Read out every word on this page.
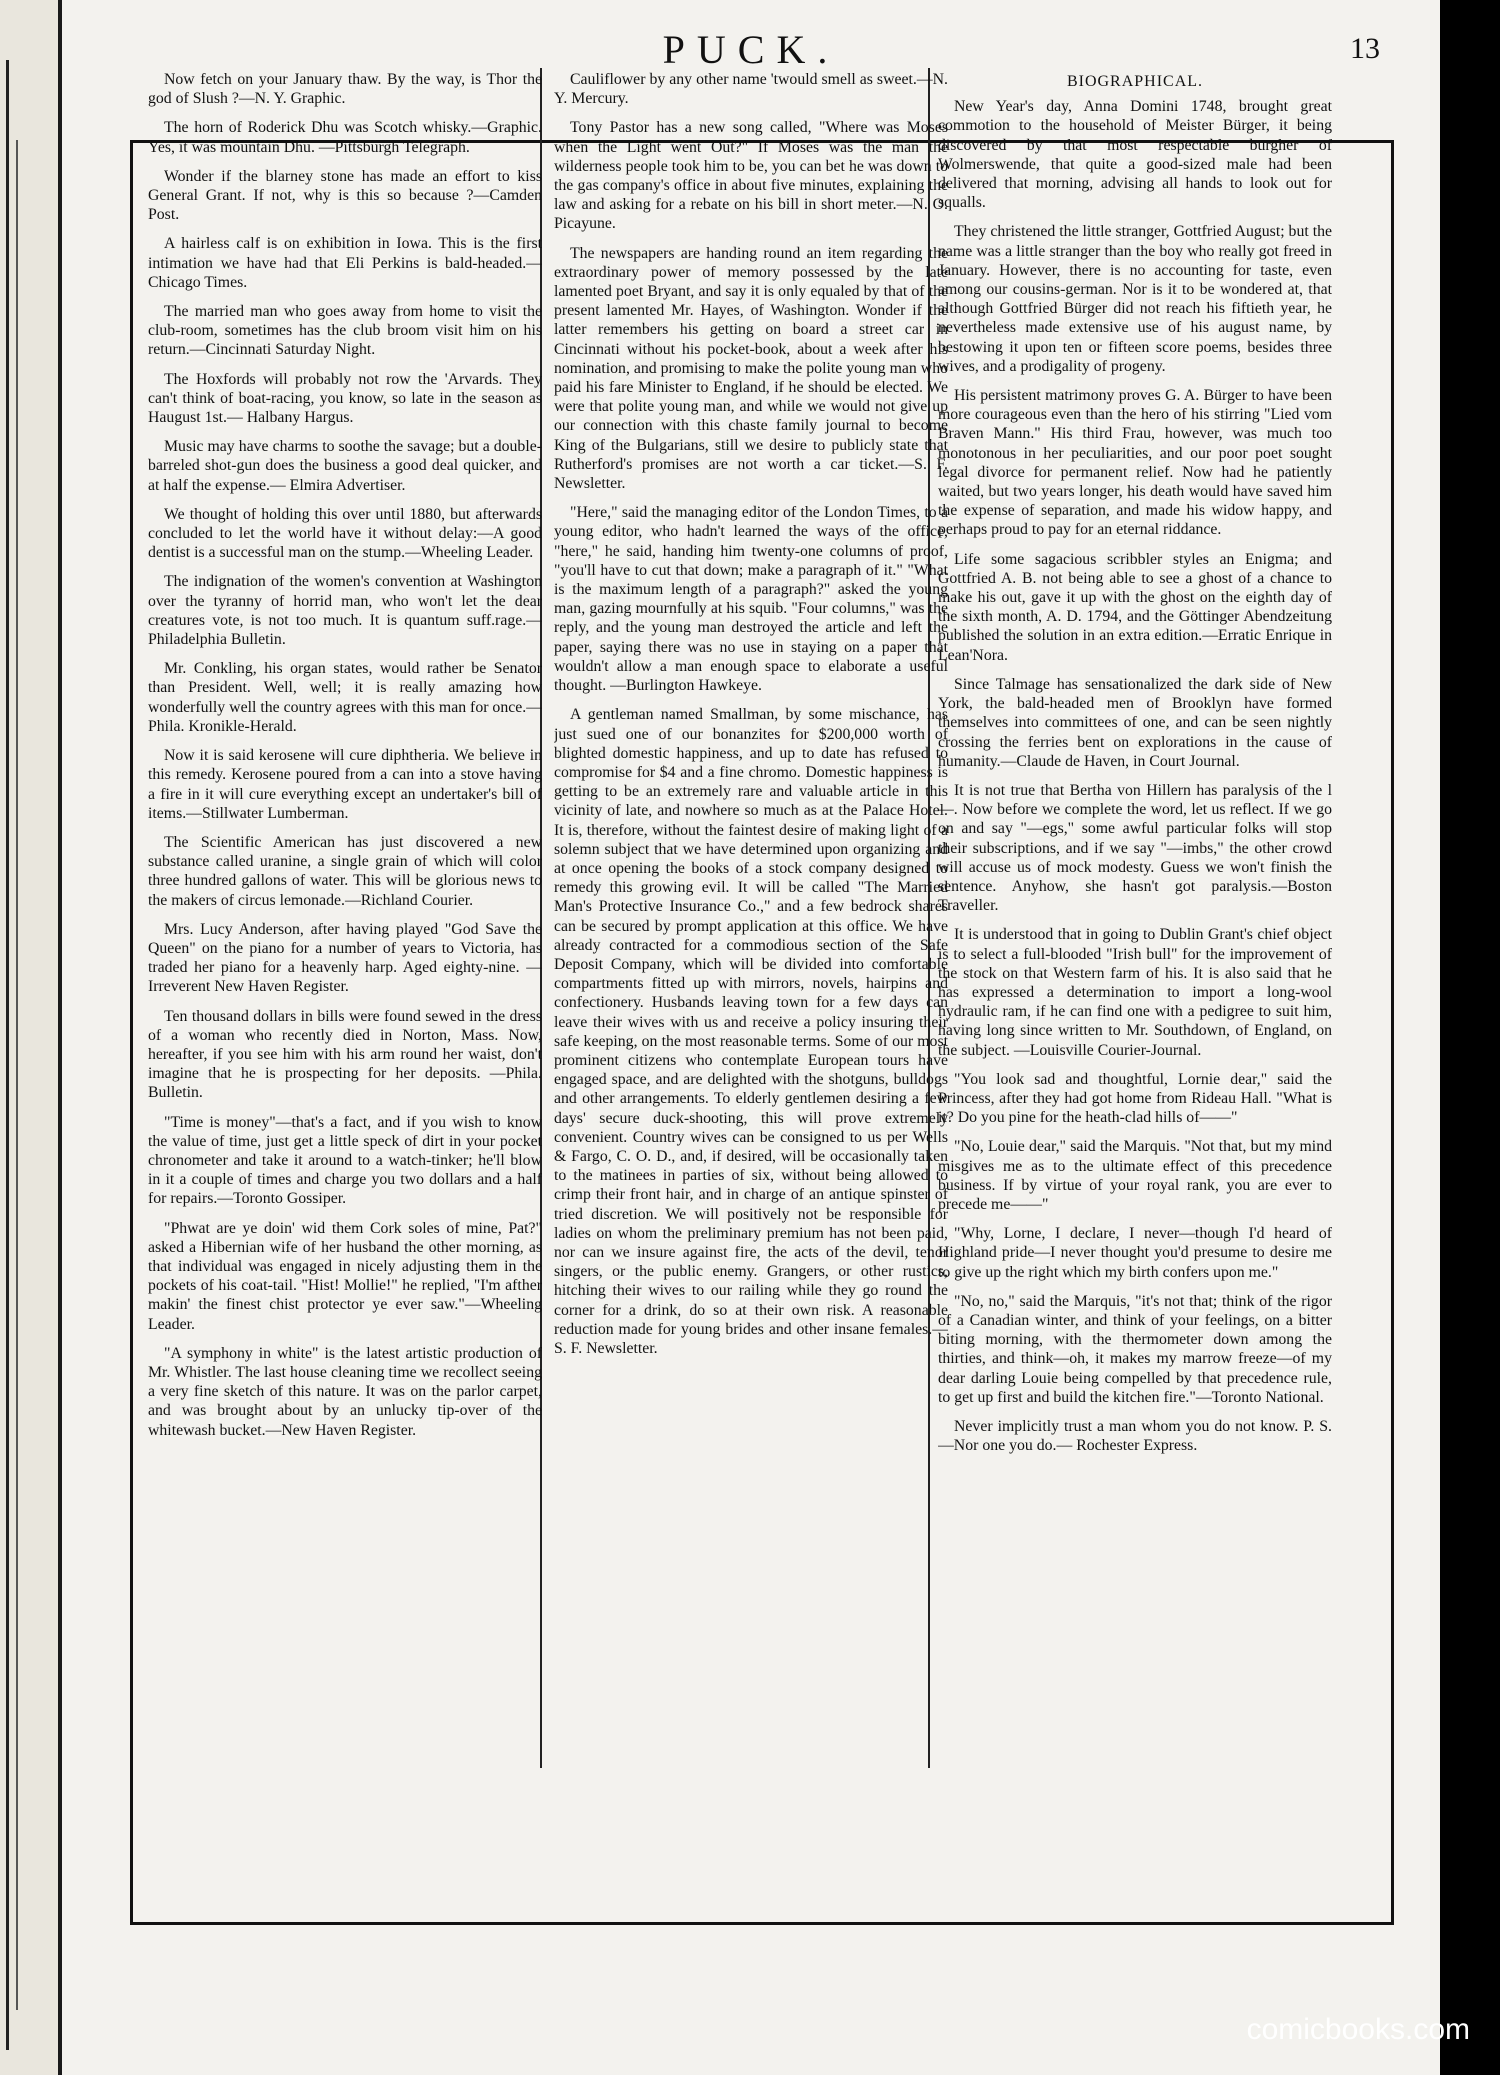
PUCK.	13

Now fetch on your January thaw. By the way, is Thor the god of Slush ?—N. Y. Graphic.

The horn of Roderick Dhu was Scotch whisky.—Graphic. Yes, it was mountain Dhu. —Pittsburgh Telegraph.

Wonder if the blarney stone has made an effort to kiss General Grant. If not, why is this so because ?—Camden Post.

A hairless calf is on exhibition in Iowa. This is the first intimation we have had that Eli Perkins is bald-headed.—Chicago Times.

The married man who goes away from home to visit the club-room, sometimes has the club broom visit him on his return.—Cincinnati Saturday Night.

The Hoxfords will probably not row the 'Arvards. They can't think of boat-racing, you know, so late in the season as Haugust 1st.— Halbany Hargus.

Music may have charms to soothe the savage; but a double-barreled shot-gun does the business a good deal quicker, and at half the expense.— Elmira Advertiser.

We thought of holding this over until 1880, but afterwards concluded to let the world have it without delay:—A good dentist is a successful man on the stump.—Wheeling Leader.

The indignation of the women's convention at Washington over the tyranny of horrid man, who won't let the dear creatures vote, is not too much. It is quantum suff.rage.—Philadelphia Bulletin.

Mr. Conkling, his organ states, would rather be Senator than President. Well, well; it is really amazing how wonderfully well the country agrees with this man for once.—Phila. Kronikle-Herald.

Now it is said kerosene will cure diphtheria. We believe in this remedy. Kerosene poured from a can into a stove having a fire in it will cure everything except an undertaker's bill of items.—Stillwater Lumberman.

The Scientific American has just discovered a new substance called uranine, a single grain of which will color three hundred gallons of water. This will be glorious news to the makers of circus lemonade.—Richland Courier.

Mrs. Lucy Anderson, after having played "God Save the Queen" on the piano for a number of years to Victoria, has traded her piano for a heavenly harp. Aged eighty-nine. —Irreverent New Haven Register.

Ten thousand dollars in bills were found sewed in the dress of a woman who recently died in Norton, Mass. Now, hereafter, if you see him with his arm round her waist, don't imagine that he is prospecting for her deposits. —Phila. Bulletin.

"Time is money"—that's a fact, and if you wish to know the value of time, just get a little speck of dirt in your pocket chronometer and take it around to a watch-tinker; he'll blow in it a couple of times and charge you two dollars and a half for repairs.—Toronto Gossiper.

"Phwat are ye doin' wid them Cork soles of mine, Pat?" asked a Hibernian wife of her husband the other morning, as that individual was engaged in nicely adjusting them in the pockets of his coat-tail. "Hist! Mollie!" he replied, "I'm afther makin' the finest chist protector ye ever saw."—Wheeling Leader.

"A symphony in white" is the latest artistic production of Mr. Whistler. The last house cleaning time we recollect seeing a very fine sketch of this nature. It was on the parlor carpet, and was brought about by an unlucky tip-over of the whitewash bucket.—New Haven Register.

Cauliflower by any other name 'twould smell as sweet.—N. Y. Mercury.

Tony Pastor has a new song called, "Where was Moses when the Light went Out?" If Moses was the man the wilderness people took him to be, you can bet he was down to the gas company's office in about five minutes, explaining the law and asking for a rebate on his bill in short meter.—N. O. Picayune.

The newspapers are handing round an item regarding the extraordinary power of memory possessed by the late lamented poet Bryant, and say it is only equaled by that of the present lamented Mr. Hayes, of Washington. Wonder if the latter remembers his getting on board a street car in Cincinnati without his pocket-book, about a week after his nomination, and promising to make the polite young man who paid his fare Minister to England, if he should be elected. We were that polite young man, and while we would not give up our connection with this chaste family journal to become King of the Bulgarians, still we desire to publicly state that Rutherford's promises are not worth a car ticket.—S. F. Newsletter.

"Here," said the managing editor of the London Times, to a young editor, who hadn't learned the ways of the office, "here," he said, handing him twenty-one columns of proof, "you'll have to cut that down; make a paragraph of it." "What is the maximum length of a paragraph?" asked the young man, gazing mournfully at his squib. "Four columns," was the reply, and the young man destroyed the article and left the paper, saying there was no use in staying on a paper that wouldn't allow a man enough space to elaborate a useful thought. —Burlington Hawkeye.

A gentleman named Smallman, by some mischance, has just sued one of our bonanzites for $200,000 worth of blighted domestic happiness, and up to date has refused to compromise for $4 and a fine chromo. Domestic happiness is getting to be an extremely rare and valuable article in this vicinity of late, and nowhere so much as at the Palace Hotel. It is, therefore, without the faintest desire of making light of a solemn subject that we have determined upon organizing and at once opening the books of a stock company designed to remedy this growing evil. It will be called "The Married Man's Protective Insurance Co.," and a few bedrock shares can be secured by prompt application at this office. We have already contracted for a commodious section of the Safe Deposit Company, which will be divided into comfortable compartments fitted up with mirrors, novels, hairpins and confectionery. Husbands leaving town for a few days can leave their wives with us and receive a policy insuring their safe keeping, on the most reasonable terms. Some of our most prominent citizens who contemplate European tours have engaged space, and are delighted with the shotguns, bulldogs and other arrangements. To elderly gentlemen desiring a few days' secure duck-shooting, this will prove extremely convenient. Country wives can be consigned to us per Wells & Fargo, C. O. D., and, if desired, will be occasionally taken to the matinees in parties of six, without being allowed to crimp their front hair, and in charge of an antique spinster of tried discretion. We will positively not be responsible for ladies on whom the preliminary premium has not been paid, nor can we insure against fire, the acts of the devil, tenor singers, or the public enemy. Grangers, or other rustics, hitching their wives to our railing while they go round the corner for a drink, do so at their own risk. A reasonable reduction made for young brides and other insane females.—S. F. Newsletter.

BIOGRAPHICAL.

New Year's day, Anna Domini 1748, brought great commotion to the household of Meister Bürger, it being discovered by that most respectable burgher of Wolmerswende, that quite a good-sized male had been delivered that morning, advising all hands to look out for squalls.

They christened the little stranger, Gottfried August; but the name was a little stranger than the boy who really got freed in January. However, there is no accounting for taste, even among our cousins-german. Nor is it to be wondered at, that although Gottfried Bürger did not reach his fiftieth year, he nevertheless made extensive use of his august name, by bestowing it upon ten or fifteen score poems, besides three wives, and a prodigality of progeny.

His persistent matrimony proves G. A. Bürger to have been more courageous even than the hero of his stirring "Lied vom Braven Mann." His third Frau, however, was much too monotonous in her peculiarities, and our poor poet sought legal divorce for permanent relief. Now had he patiently waited, but two years longer, his death would have saved him the expense of separation, and made his widow happy, and perhaps proud to pay for an eternal riddance.

Life some sagacious scribbler styles an Enigma; and Gottfried A. B. not being able to see a ghost of a chance to make his out, gave it up with the ghost on the eighth day of the sixth month, A. D. 1794, and the Göttinger Abendzeitung published the solution in an extra edition.—Erratic Enrique in Lean'Nora.

Since Talmage has sensationalized the dark side of New York, the bald-headed men of Brooklyn have formed themselves into committees of one, and can be seen nightly crossing the ferries bent on explorations in the cause of humanity.—Claude de Haven, in Court Journal.

It is not true that Bertha von Hillern has paralysis of the l—. Now before we complete the word, let us reflect. If we go on and say "—egs," some awful particular folks will stop their subscriptions, and if we say "—imbs," the other crowd will accuse us of mock modesty. Guess we won't finish the sentence. Anyhow, she hasn't got paralysis.—Boston Traveller.

It is understood that in going to Dublin Grant's chief object is to select a full-blooded "Irish bull" for the improvement of the stock on that Western farm of his. It is also said that he has expressed a determination to import a long-wool hydraulic ram, if he can find one with a pedigree to suit him, having long since written to Mr. Southdown, of England, on the subject. —Louisville Courier-Journal.

"You look sad and thoughtful, Lornie dear," said the Princess, after they had got home from Rideau Hall. "What is it? Do you pine for the heath-clad hills of——"

"No, Louie dear," said the Marquis. "Not that, but my mind misgives me as to the ultimate effect of this precedence business. If by virtue of your royal rank, you are ever to precede me——"

"Why, Lorne, I declare, I never—though I'd heard of Highland pride—I never thought you'd presume to desire me to give up the right which my birth confers upon me."

"No, no," said the Marquis, "it's not that; think of the rigor of a Canadian winter, and think of your feelings, on a bitter biting morning, with the thermometer down among the thirties, and think—oh, it makes my marrow freeze—of my dear darling Louie being compelled by that precedence rule, to get up first and build the kitchen fire."—Toronto National.

Never implicitly trust a man whom you do not know. P. S.—Nor one you do.— Rochester Express.

comicbooks.com
